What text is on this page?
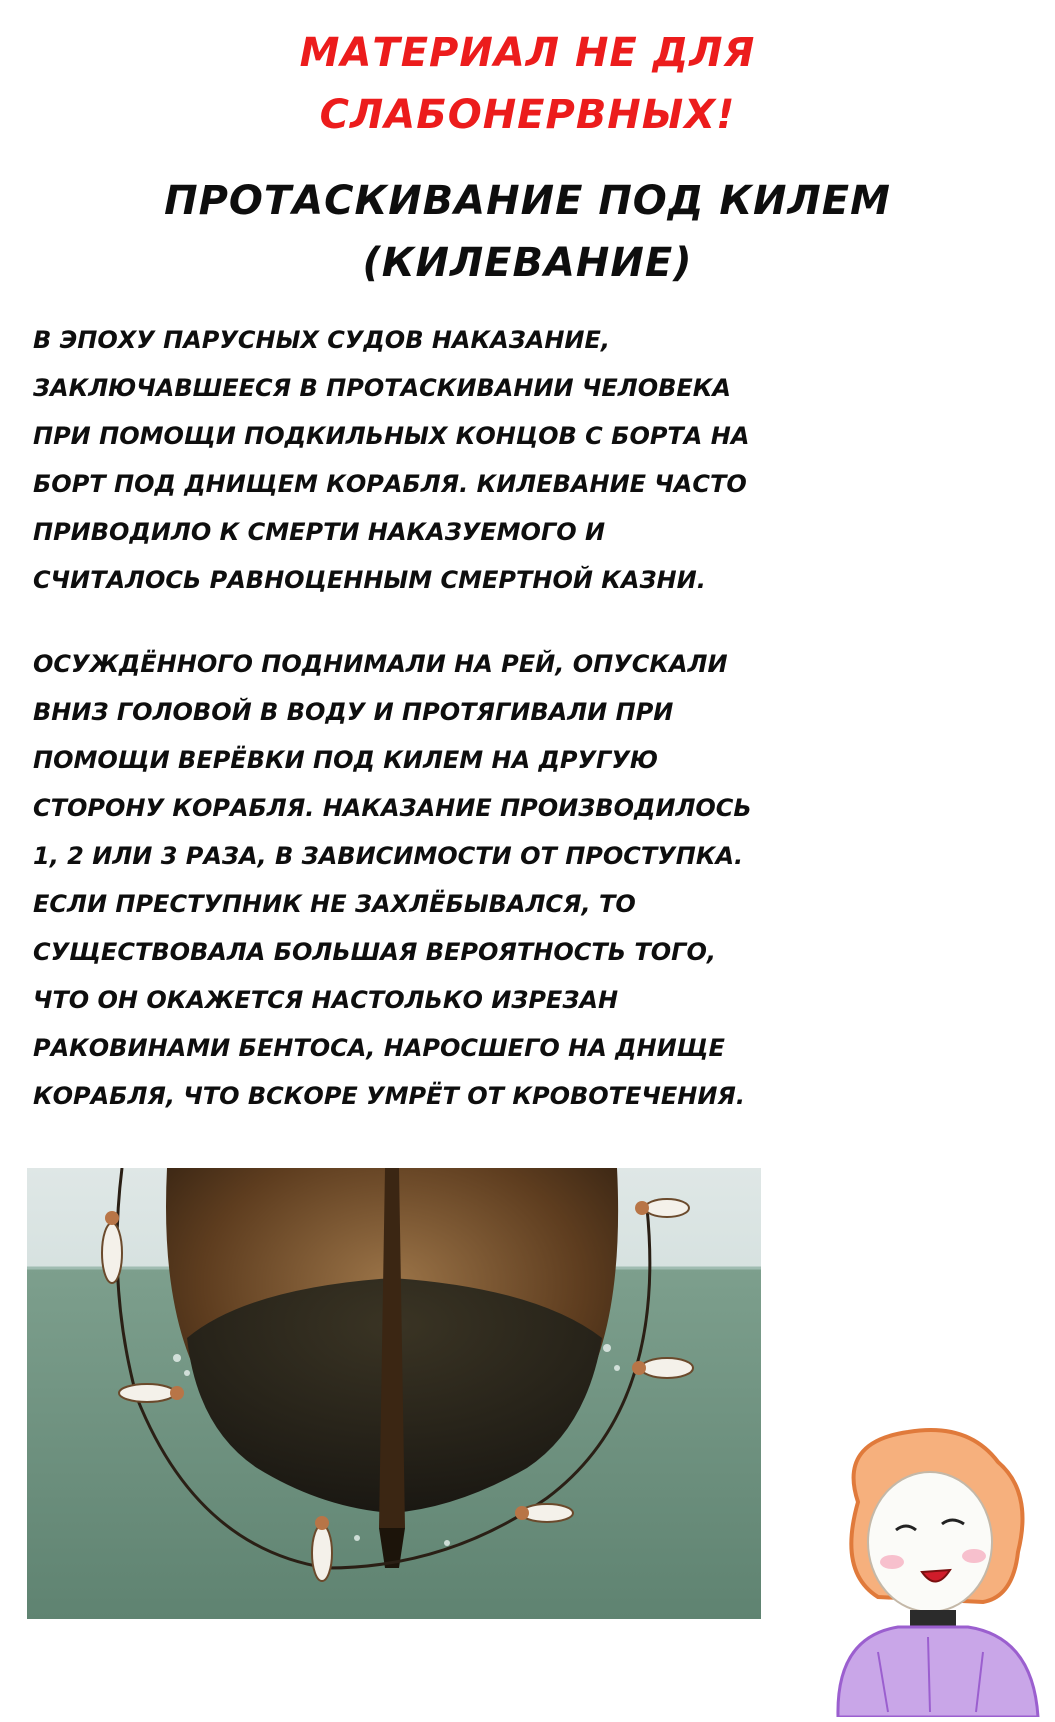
МАТЕРИАЛ НЕ ДЛЯ
СЛАБОНЕРВНЫХ!
ПРОТАСКИВАНИЕ ПОД КИЛЕМ
(КИЛЕВАНИЕ)
В ЭПОХУ ПАРУСНЫХ СУДОВ НАКАЗАНИЕ,
ЗАКЛЮЧАВШЕЕСЯ В ПРОТАСКИВАНИИ ЧЕЛОВЕКА
ПРИ ПОМОЩИ ПОДКИЛЬНЫХ КОНЦОВ С БОРТА НА
БОРТ ПОД ДНИЩЕМ КОРАБЛЯ. КИЛЕВАНИЕ ЧАСТО
ПРИВОДИЛО К СМЕРТИ НАКАЗУЕМОГО И
СЧИТАЛОСЬ РАВНОЦЕННЫМ СМЕРТНОЙ КАЗНИ.
ОСУЖДЁННОГО ПОДНИМАЛИ НА РЕЙ, ОПУСКАЛИ
ВНИЗ ГОЛОВОЙ В ВОДУ И ПРОТЯГИВАЛИ ПРИ
ПОМОЩИ ВЕРЁВКИ ПОД КИЛЕМ НА ДРУГУЮ
СТОРОНУ КОРАБЛЯ. НАКАЗАНИЕ ПРОИЗВОДИЛОСЬ
1, 2 ИЛИ 3 РАЗА, В ЗАВИСИМОСТИ ОТ ПРОСТУПКА.
ЕСЛИ ПРЕСТУПНИК НЕ ЗАХЛЁБЫВАЛСЯ, ТО
СУЩЕСТВОВАЛА БОЛЬШАЯ ВЕРОЯТНОСТЬ ТОГО,
ЧТО ОН ОКАЖЕТСЯ НАСТОЛЬКО ИЗРЕЗАН
РАКОВИНАМИ БЕНТОСА, НАРОСШЕГО НА ДНИЩЕ
КОРАБЛЯ, ЧТО ВСКОРЕ УМРЁТ ОТ КРОВОТЕЧЕНИЯ.
